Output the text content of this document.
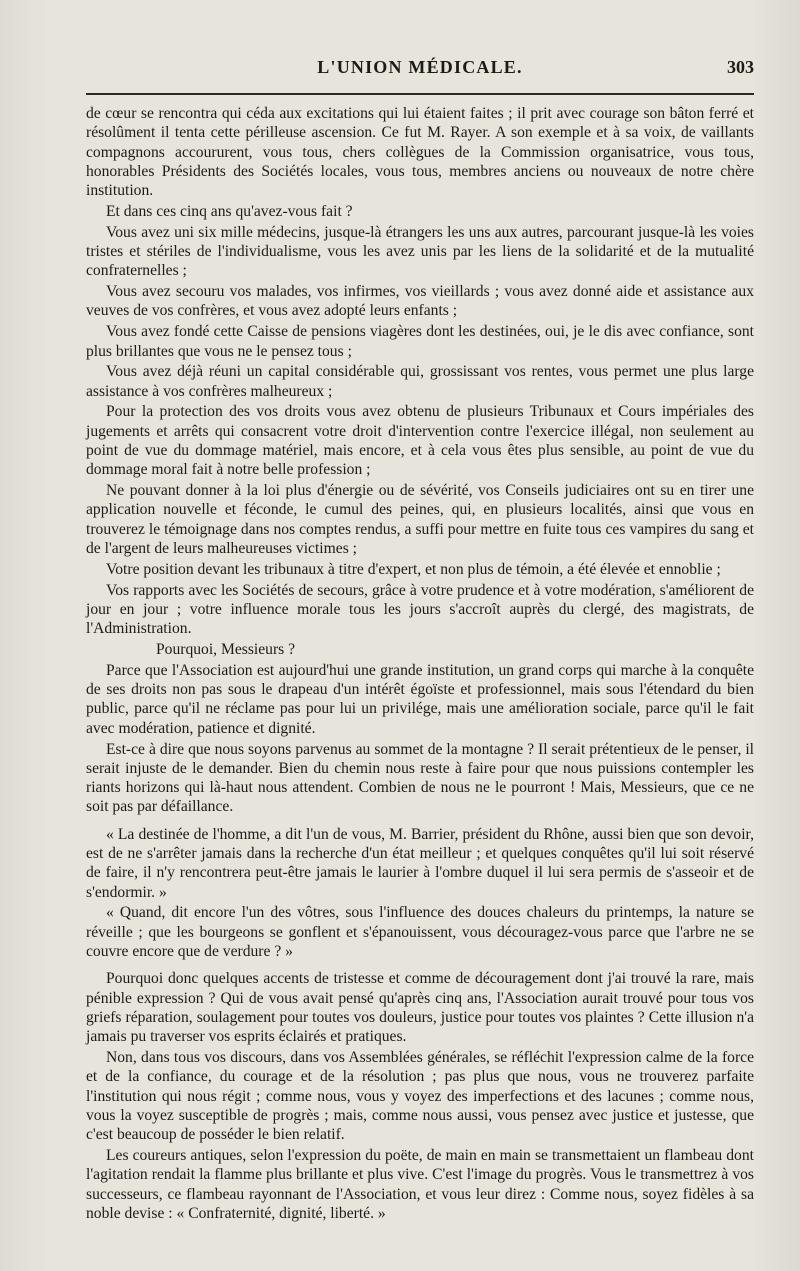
L'UNION MÉDICALE.	303

de cœur se rencontra qui céda aux excitations qui lui étaient faites ; il prit avec courage son bâton ferré et résolûment il tenta cette périlleuse ascension. Ce fut M. Rayer. A son exemple et à sa voix, de vaillants compagnons accoururent, vous tous, chers collègues de la Commission organisatrice, vous tous, honorables Présidents des Sociétés locales, vous tous, membres anciens ou nouveaux de notre chère institution.

Et dans ces cinq ans qu'avez-vous fait ?

Vous avez uni six mille médecins, jusque-là étrangers les uns aux autres, parcourant jusque-là les voies tristes et stériles de l'individualisme, vous les avez unis par les liens de la solidarité et de la mutualité confraternelles ;

Vous avez secouru vos malades, vos infirmes, vos vieillards ; vous avez donné aide et assistance aux veuves de vos confrères, et vous avez adopté leurs enfants ;

Vous avez fondé cette Caisse de pensions viagères dont les destinées, oui, je le dis avec confiance, sont plus brillantes que vous ne le pensez tous ;

Vous avez déjà réuni un capital considérable qui, grossissant vos rentes, vous permet une plus large assistance à vos confrères malheureux ;

Pour la protection des vos droits vous avez obtenu de plusieurs Tribunaux et Cours impériales des jugements et arrêts qui consacrent votre droit d'intervention contre l'exercice illégal, non seulement au point de vue du dommage matériel, mais encore, et à cela vous êtes plus sensible, au point de vue du dommage moral fait à notre belle profession ;

Ne pouvant donner à la loi plus d'énergie ou de sévérité, vos Conseils judiciaires ont su en tirer une application nouvelle et féconde, le cumul des peines, qui, en plusieurs localités, ainsi que vous en trouverez le témoignage dans nos comptes rendus, a suffi pour mettre en fuite tous ces vampires du sang et de l'argent de leurs malheureuses victimes ;

Votre position devant les tribunaux à titre d'expert, et non plus de témoin, a été élevée et ennoblie ;

Vos rapports avec les Sociétés de secours, grâce à votre prudence et à votre modération, s'améliorent de jour en jour ; votre influence morale tous les jours s'accroît auprès du clergé, des magistrats, de l'Administration.

Pourquoi, Messieurs ?

Parce que l'Association est aujourd'hui une grande institution, un grand corps qui marche à la conquête de ses droits non pas sous le drapeau d'un intérêt égoïste et professionnel, mais sous l'étendard du bien public, parce qu'il ne réclame pas pour lui un privilége, mais une amélioration sociale, parce qu'il le fait avec modération, patience et dignité.

Est-ce à dire que nous soyons parvenus au sommet de la montagne ? Il serait prétentieux de le penser, il serait injuste de le demander. Bien du chemin nous reste à faire pour que nous puissions contempler les riants horizons qui là-haut nous attendent. Combien de nous ne le pourront ! Mais, Messieurs, que ce ne soit pas par défaillance.

« La destinée de l'homme, a dit l'un de vous, M. Barrier, président du Rhône, aussi bien que son devoir, est de ne s'arrêter jamais dans la recherche d'un état meilleur ; et quelques conquêtes qu'il lui soit réservé de faire, il n'y rencontrera peut-être jamais le laurier à l'ombre duquel il lui sera permis de s'asseoir et de s'endormir. »

« Quand, dit encore l'un des vôtres, sous l'influence des douces chaleurs du printemps, la nature se réveille ; que les bourgeons se gonflent et s'épanouissent, vous découragez-vous parce que l'arbre ne se couvre encore que de verdure ? »

Pourquoi donc quelques accents de tristesse et comme de découragement dont j'ai trouvé la rare, mais pénible expression ? Qui de vous avait pensé qu'après cinq ans, l'Association aurait trouvé pour tous vos griefs réparation, soulagement pour toutes vos douleurs, justice pour toutes vos plaintes ? Cette illusion n'a jamais pu traverser vos esprits éclairés et pratiques.

Non, dans tous vos discours, dans vos Assemblées générales, se réfléchit l'expression calme de la force et de la confiance, du courage et de la résolution ; pas plus que nous, vous ne trouverez parfaite l'institution qui nous régit ; comme nous, vous y voyez des imperfections et des lacunes ; comme nous, vous la voyez susceptible de progrès ; mais, comme nous aussi, vous pensez avec justice et justesse, que c'est beaucoup de posséder le bien relatif.

Les coureurs antiques, selon l'expression du poëte, de main en main se transmettaient un flambeau dont l'agitation rendait la flamme plus brillante et plus vive. C'est l'image du progrès. Vous le transmettrez à vos successeurs, ce flambeau rayonnant de l'Association, et vous leur direz : Comme nous, soyez fidèles à sa noble devise : « Confraternité, dignité, liberté. »
